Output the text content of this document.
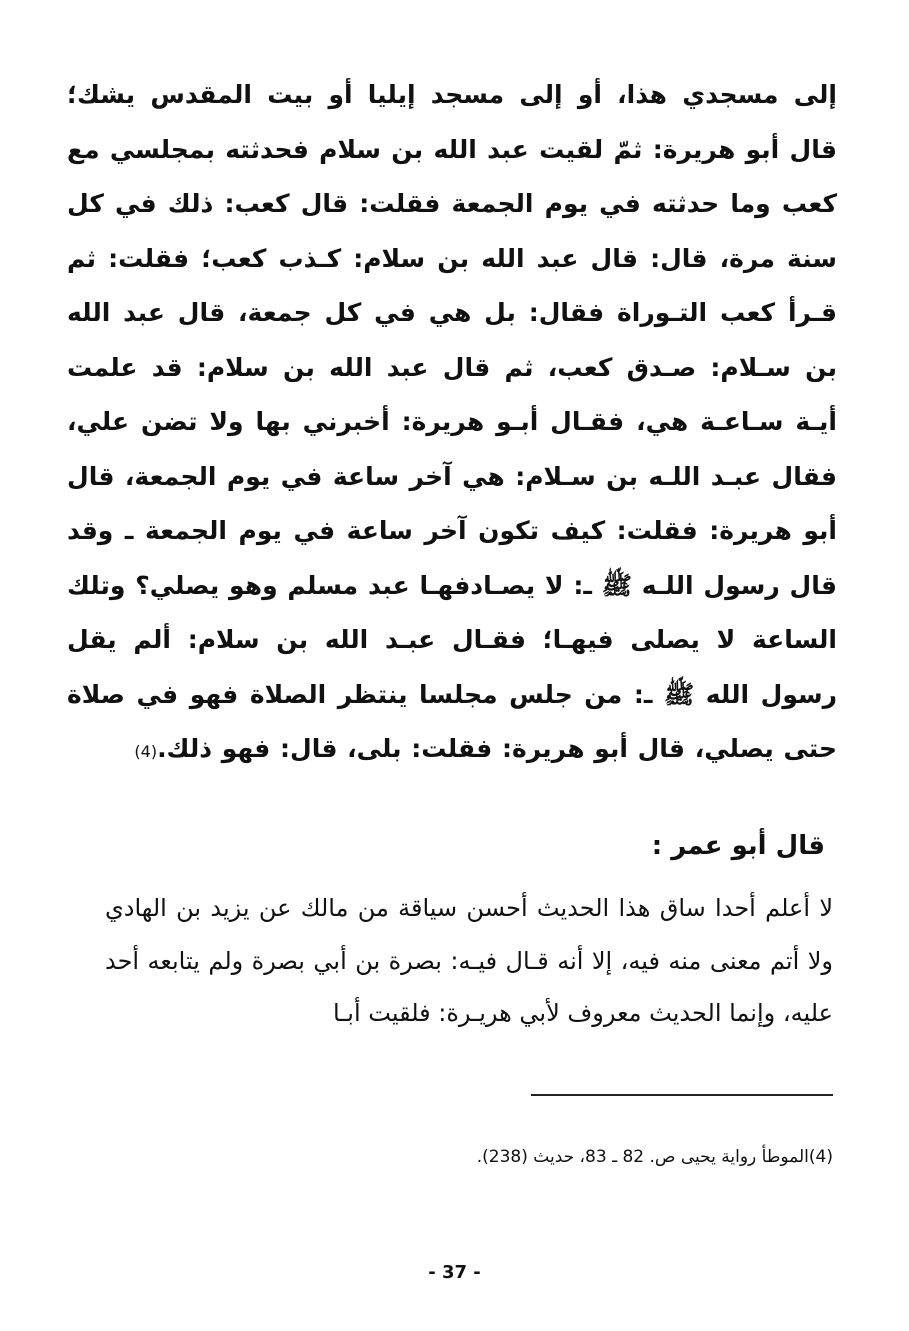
إلى مسجدي هذا، أو إلى مسجد إيليا أو بيت المقدس يشك؛ قال أبو هريرة: ثمّ لقيت عبد الله بن سلام فحدثته بمجلسي مع كعب وما حدثته في يوم الجمعة فقلت: قال كعب: ذلك في كل سنة مرة، قال: قال عبد الله بن سلام: كـذب كعب؛ فقلت: ثم قـرأ كعب التـوراة فقال: بل هي في كل جمعة، قال عبد الله بن سـلام: صـدق كعب، ثم قال عبد الله بن سلام: قد علمت أيـة سـاعـة هي، فقـال أبـو هريرة: أخبرني بها ولا تضن علي، فقال عبـد اللـه بن سـلام: هي آخر ساعة في يوم الجمعة، قال أبو هريرة: فقلت: كيف تكون آخر ساعة في يوم الجمعة ـ وقد قال رسول اللـه ﷺ ـ: لا يصـادفهـا عبد مسلم وهو يصلي؟ وتلك الساعة لا يصلى فيهـا؛ فقـال عبـد الله بن سلام: ألم يقل رسول الله ﷺ ـ: من جلس مجلسا ينتظر الصلاة فهو في صلاة حتى يصلي، قال أبو هريرة: فقلت: بلى، قال: فهو ذلك.(4)
قال أبو عمر :
لا أعلم أحدا ساق هذا الحديث أحسن سياقة من مالك عن يزيد بن الهادي ولا أتم معنى منه فيه، إلا أنه قـال فيـه: بصرة بن أبي بصرة ولم يتابعه أحد عليه، وإنما الحديث معروف لأبي هريـرة: فلقيت أبـا
(4)الموطأ رواية يحيى ص. 82 ـ 83، حديث (238).
- 37 -
